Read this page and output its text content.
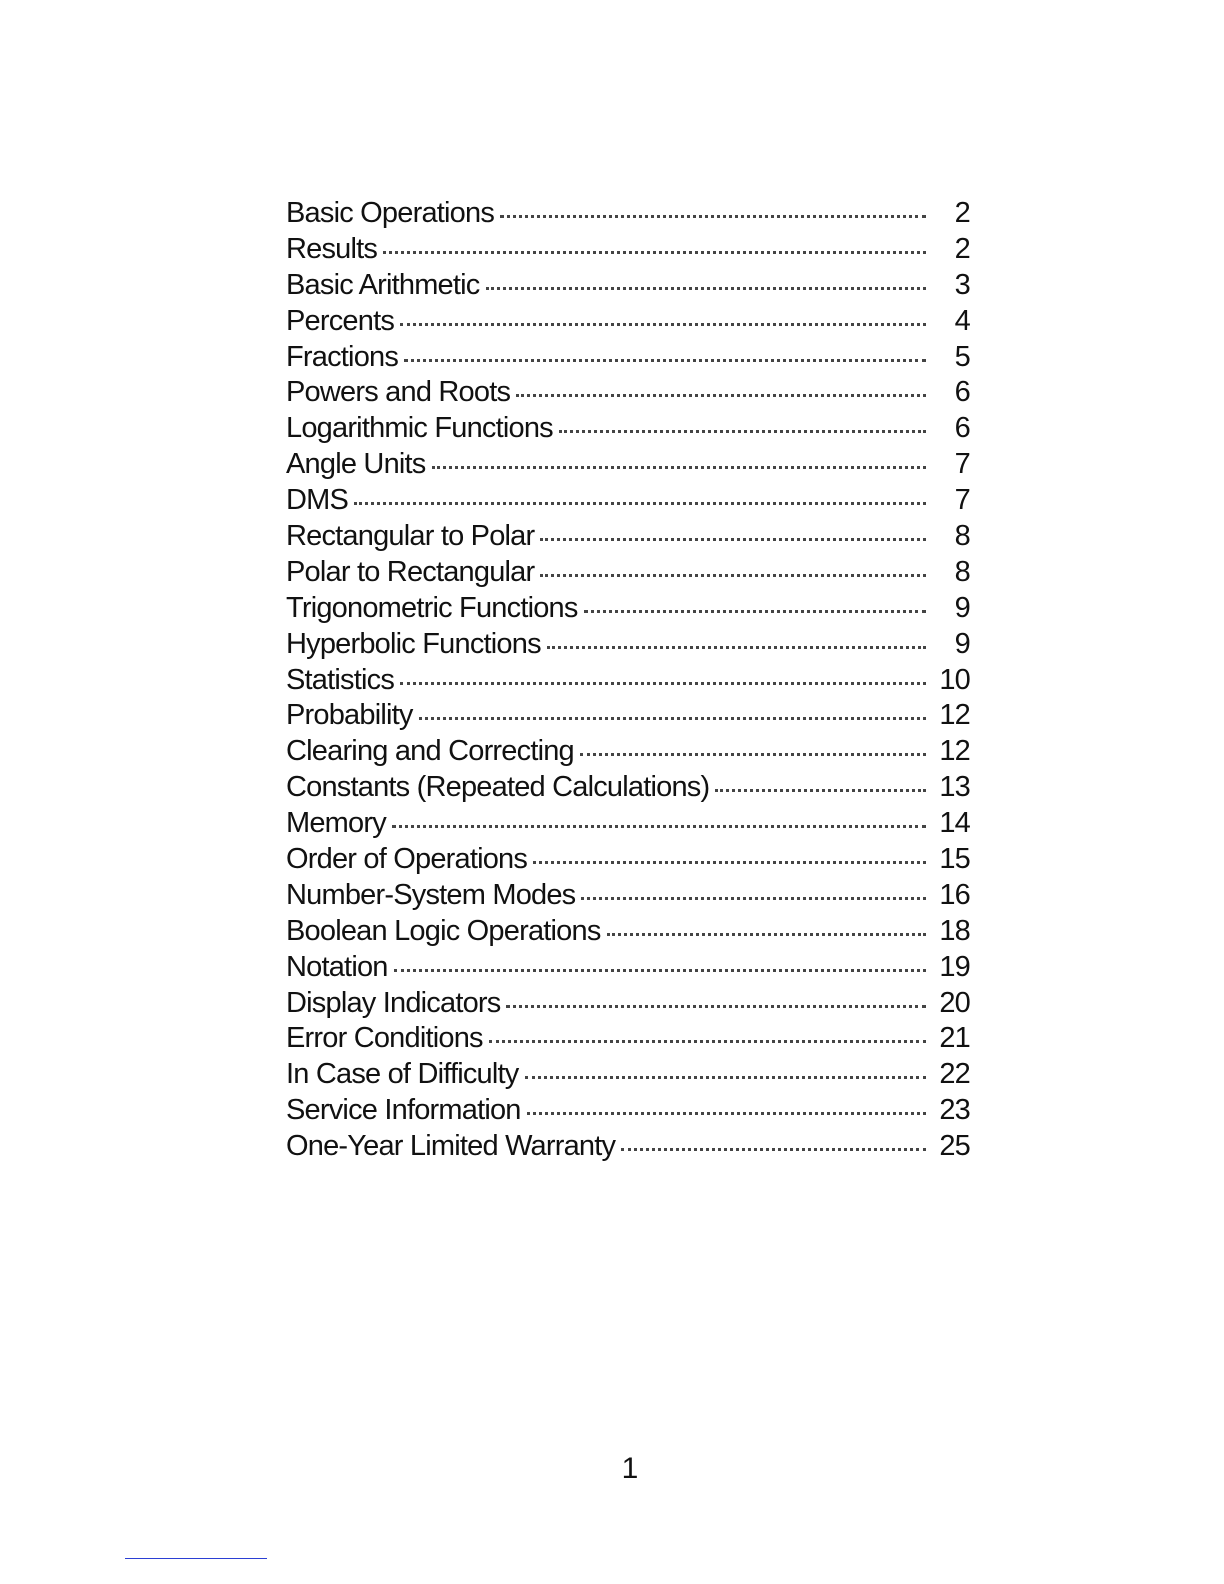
Basic Operations	2
Results	2
Basic Arithmetic	3
Percents	4
Fractions	5
Powers and Roots	6
Logarithmic Functions	6
Angle Units	7
DMS	7
Rectangular to Polar	8
Polar to Rectangular	8
Trigonometric Functions	9
Hyperbolic Functions	9
Statistics	10
Probability	12
Clearing and Correcting	12
Constants (Repeated Calculations)	13
Memory	14
Order of Operations	15
Number-System Modes	16
Boolean Logic Operations	18
Notation	19
Display Indicators	20
Error Conditions	21
In Case of Difficulty	22
Service Information	23
One-Year Limited Warranty	25
1
